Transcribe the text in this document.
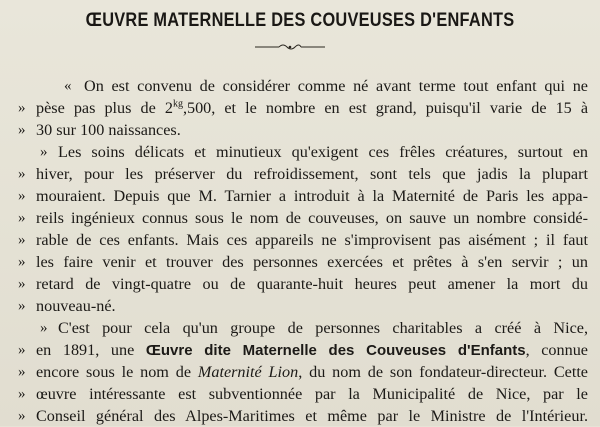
ŒUVRE MATERNELLE DES COUVEUSES D'ENFANTS
« On est convenu de considérer comme né avant terme tout enfant qui ne
» pèse pas plus de $2^{kg},500$, et le nombre en est grand, puisqu'il varie de 15 à
» 30 sur 100 naissances.
» Les soins délicats et minutieux qu'exigent ces frêles créatures, surtout en
» hiver, pour les préserver du refroidissement, sont tels que jadis la plupart
» mouraient. Depuis que M. Tarnier a introduit à la Maternité de Paris les appa-
» reils ingénieux connus sous le nom de couveuses, on sauve un nombre considé-
» rable de ces enfants. Mais ces appareils ne s'improvisent pas aisément ; il faut
» les faire venir et trouver des personnes exercées et prêtes à s'en servir ; un
» retard de vingt-quatre ou de quarante-huit heures peut amener la mort du
» nouveau-né.
» C'est pour cela qu'un groupe de personnes charitables a créé à Nice,
» en 1891, une Œuvre dite Maternelle des Couveuses d'Enfants, connue
» encore sous le nom de Maternité Lion, du nom de son fondateur-directeur. Cette
» œuvre intéressante est subventionnée par la Municipalité de Nice, par le
» Conseil général des Alpes-Maritimes et même par le Ministre de l'Intérieur.
